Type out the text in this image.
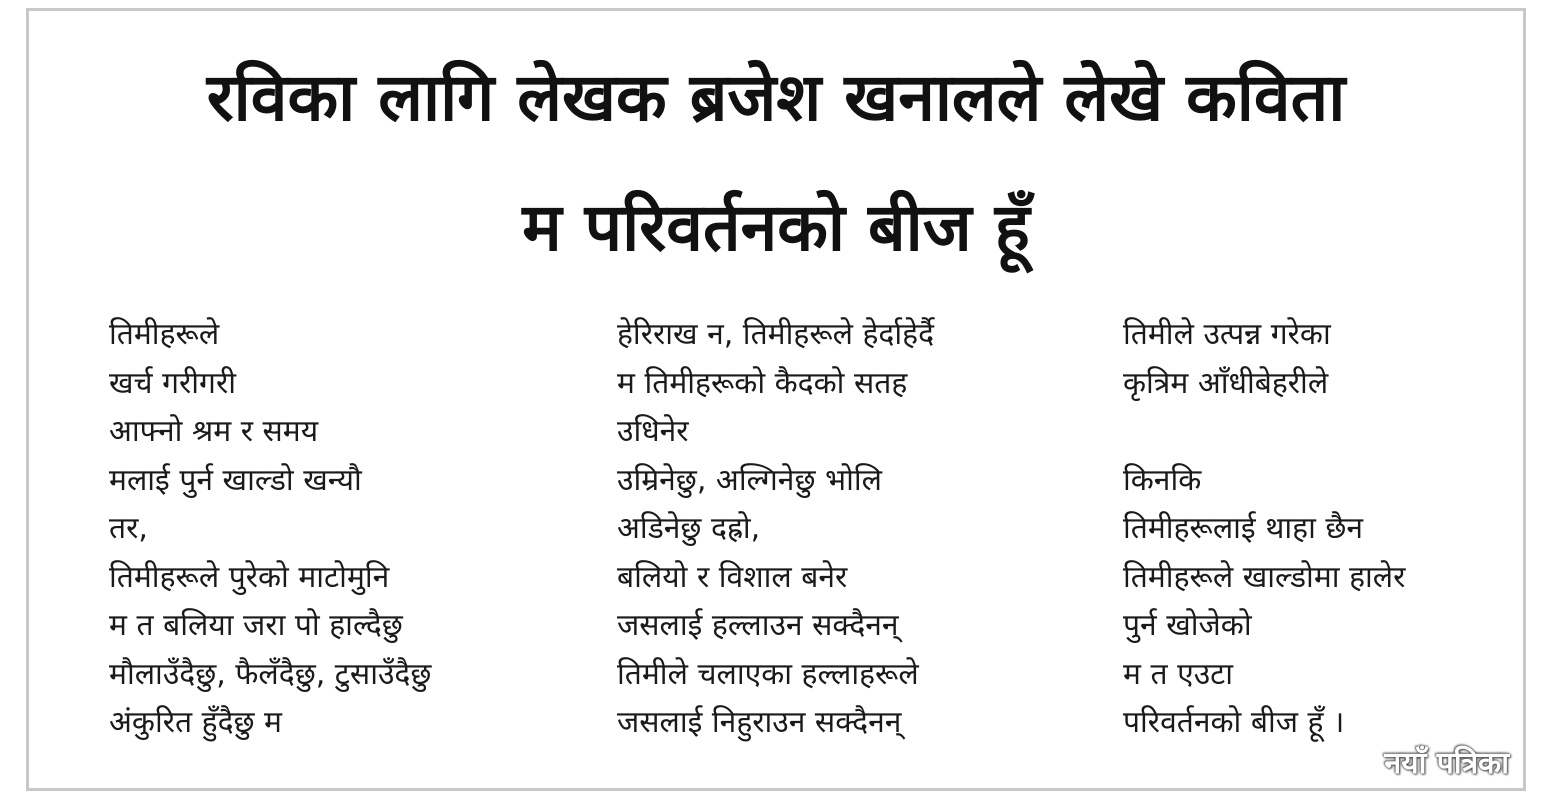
रविका लागि लेखक ब्रजेश खनालले लेखे कविता
म परिवर्तनको बीज हूँ
तिमीहरूले
खर्च गरीगरी
आफ्नो श्रम र समय
मलाई पुर्न खाल्डो खन्यौ
तर,
तिमीहरूले पुरेको माटोमुनि
म त बलिया जरा पो हाल्दैछु
मौलाउँदैछु, फैलँदैछु, टुसाउँदैछु
अंकुरित हुँदैछु म
हेरिराख न, तिमीहरूले हेर्दाहेर्दै
म तिमीहरूको कैदको सतह
उधिनेर
उम्रिनेछु, अल्गिनेछु भोलि
अडिनेछु दह्रो,
बलियो र विशाल बनेर
जसलाई हल्लाउन सक्दैनन्
तिमीले चलाएका हल्लाहरूले
जसलाई निहुराउन सक्दैनन्
तिमीले उत्पन्न गरेका
कृत्रिम आँधीबेहरीले
किनकि
तिमीहरूलाई थाहा छैन
तिमीहरूले खाल्डोमा हालेर
पुर्न खोजेको
म त एउटा
परिवर्तनको बीज हूँ ।
नयाँ पत्रिका
